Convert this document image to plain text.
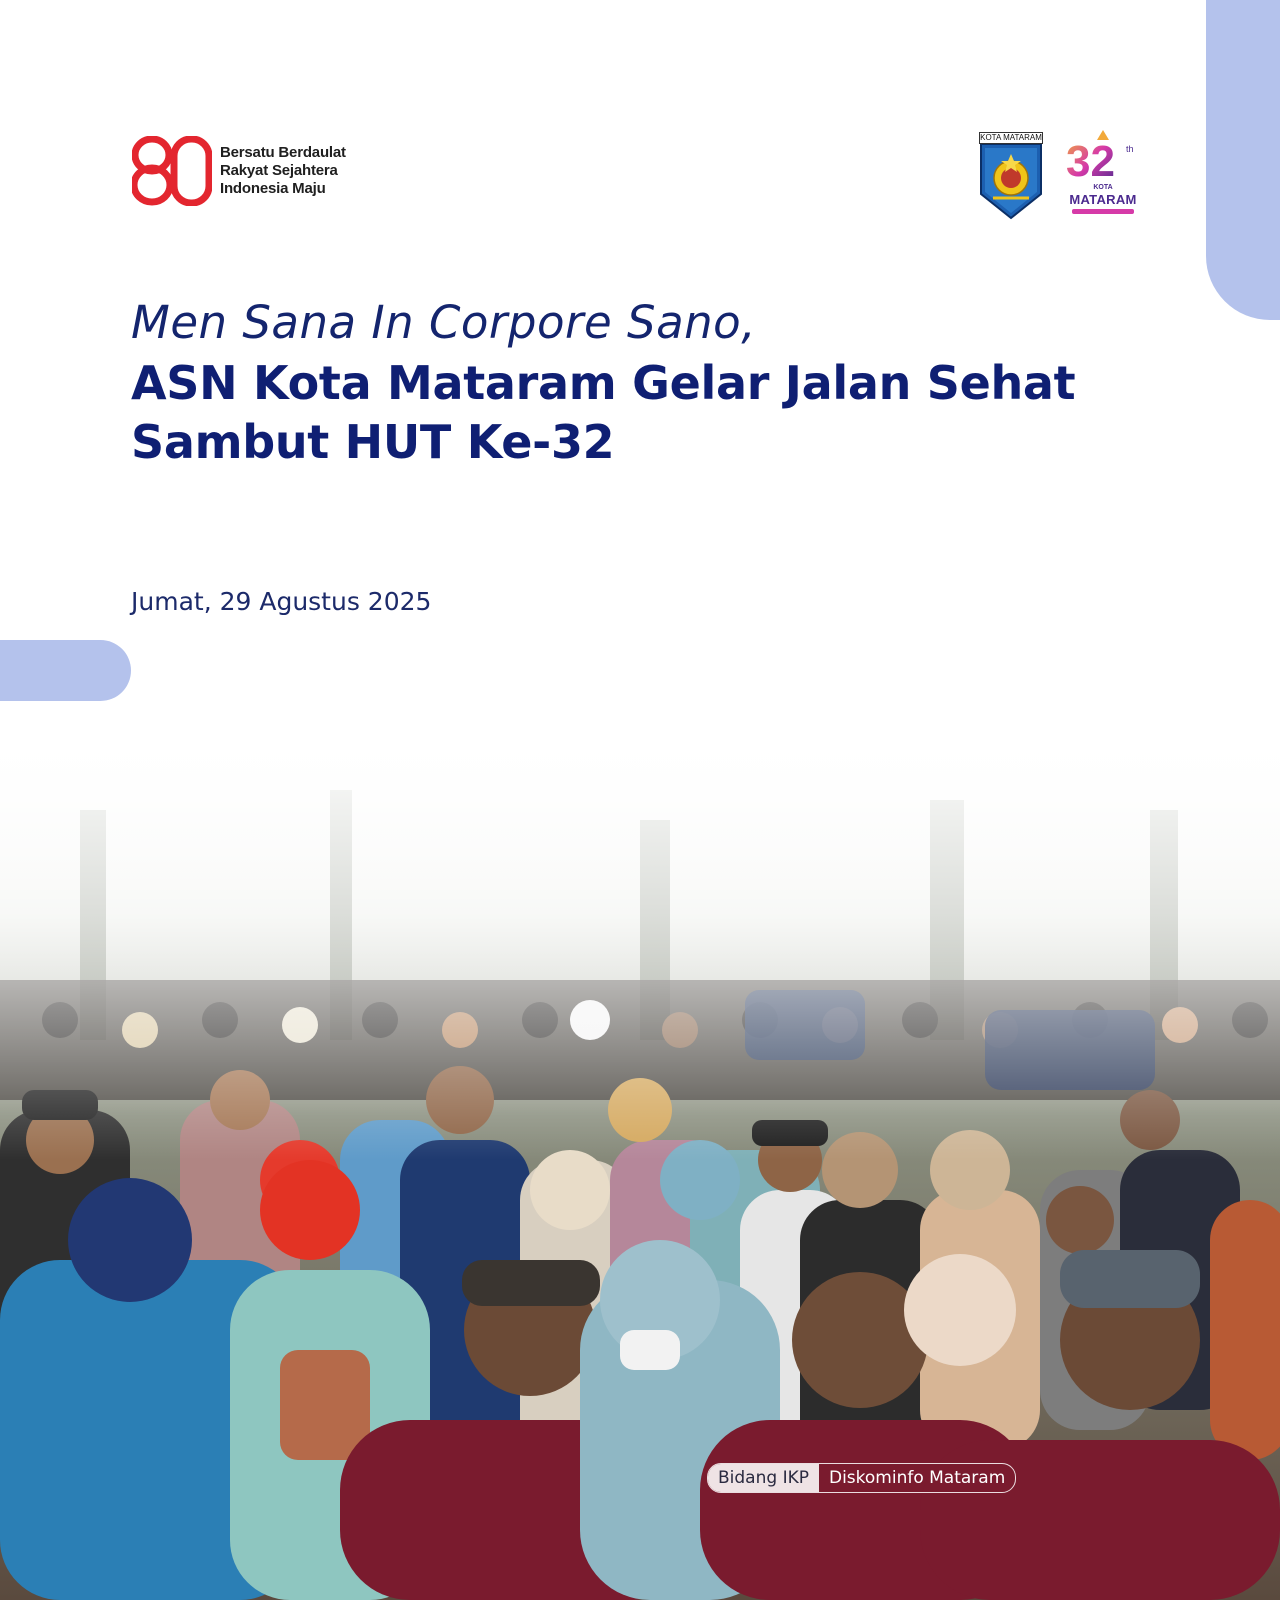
Bersatu Berdaulat
Rakyat Sejahtera
Indonesia Maju
KOTA MATARAM 32 th
KOTA
MATARAM
Men Sana In Corpore Sano,
ASN Kota Mataram Gelar Jalan Sehat
Sambut HUT Ke-32
Jumat, 29 Agustus 2025
Bidang IKP	Diskominfo Mataram
